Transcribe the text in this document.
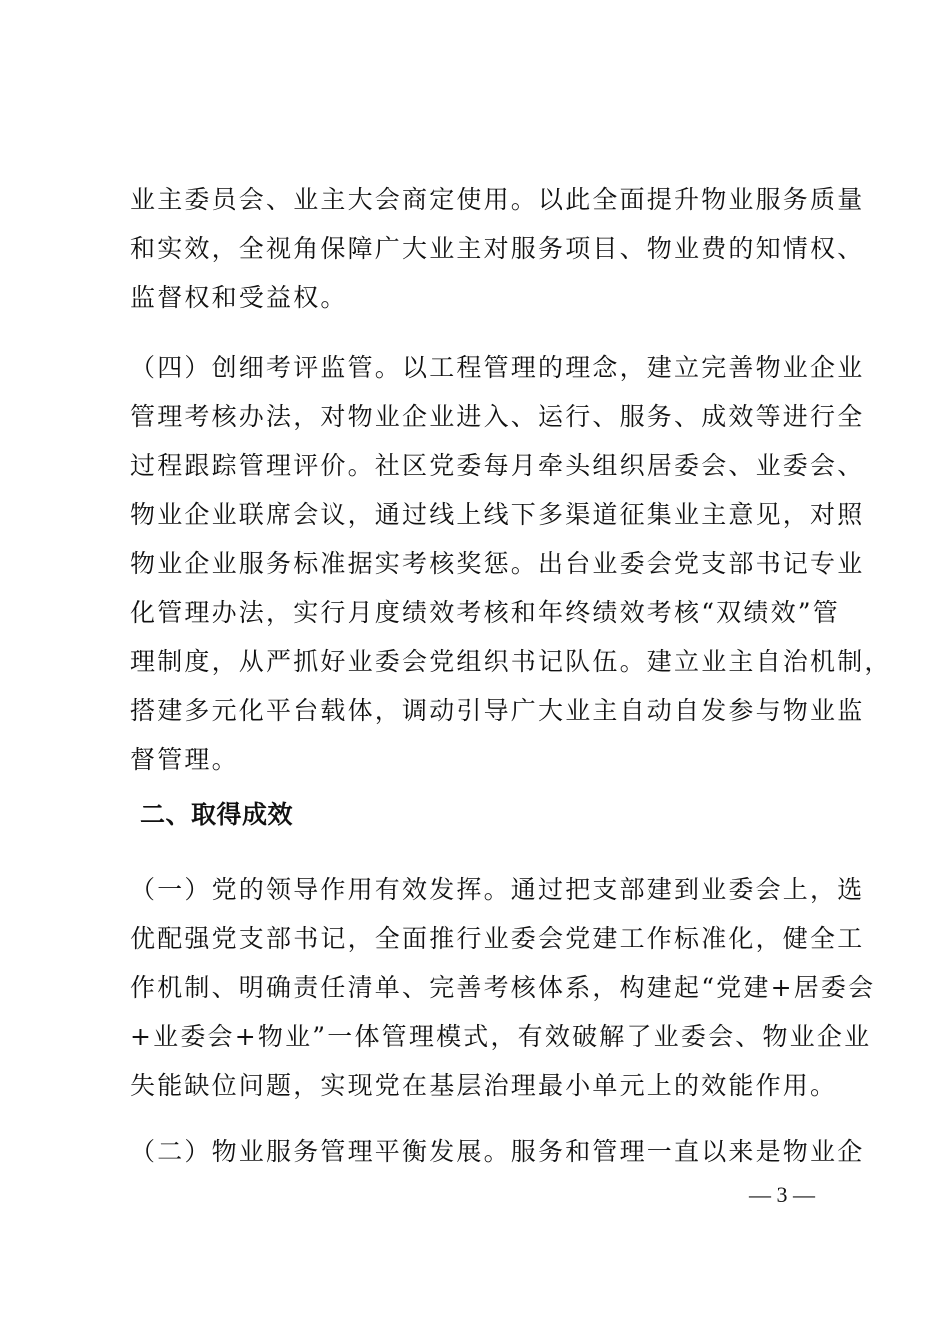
业主委员会、业主大会商定使用。以此全面提升物业服务质量
和实效，全视角保障广大业主对服务项目、物业费的知情权、
监督权和受益权。
（四）创细考评监管。以工程管理的理念，建立完善物业企业
管理考核办法，对物业企业进入、运行、服务、成效等进行全
过程跟踪管理评价。社区党委每月牵头组织居委会、业委会、
物业企业联席会议，通过线上线下多渠道征集业主意见，对照
物业企业服务标准据实考核奖惩。出台业委会党支部书记专业
化管理办法，实行月度绩效考核和年终绩效考核“双绩效”管
理制度，从严抓好业委会党组织书记队伍。建立业主自治机制，
搭建多元化平台载体，调动引导广大业主自动自发参与物业监
督管理。
二、取得成效
（一）党的领导作用有效发挥。通过把支部建到业委会上，选
优配强党支部书记，全面推行业委会党建工作标准化，健全工
作机制、明确责任清单、完善考核体系，构建起“党建+居委会
+业委会+物业”一体管理模式，有效破解了业委会、物业企业
失能缺位问题，实现党在基层治理最小单元上的效能作用。
（二）物业服务管理平衡发展。服务和管理一直以来是物业企
— 3 —
